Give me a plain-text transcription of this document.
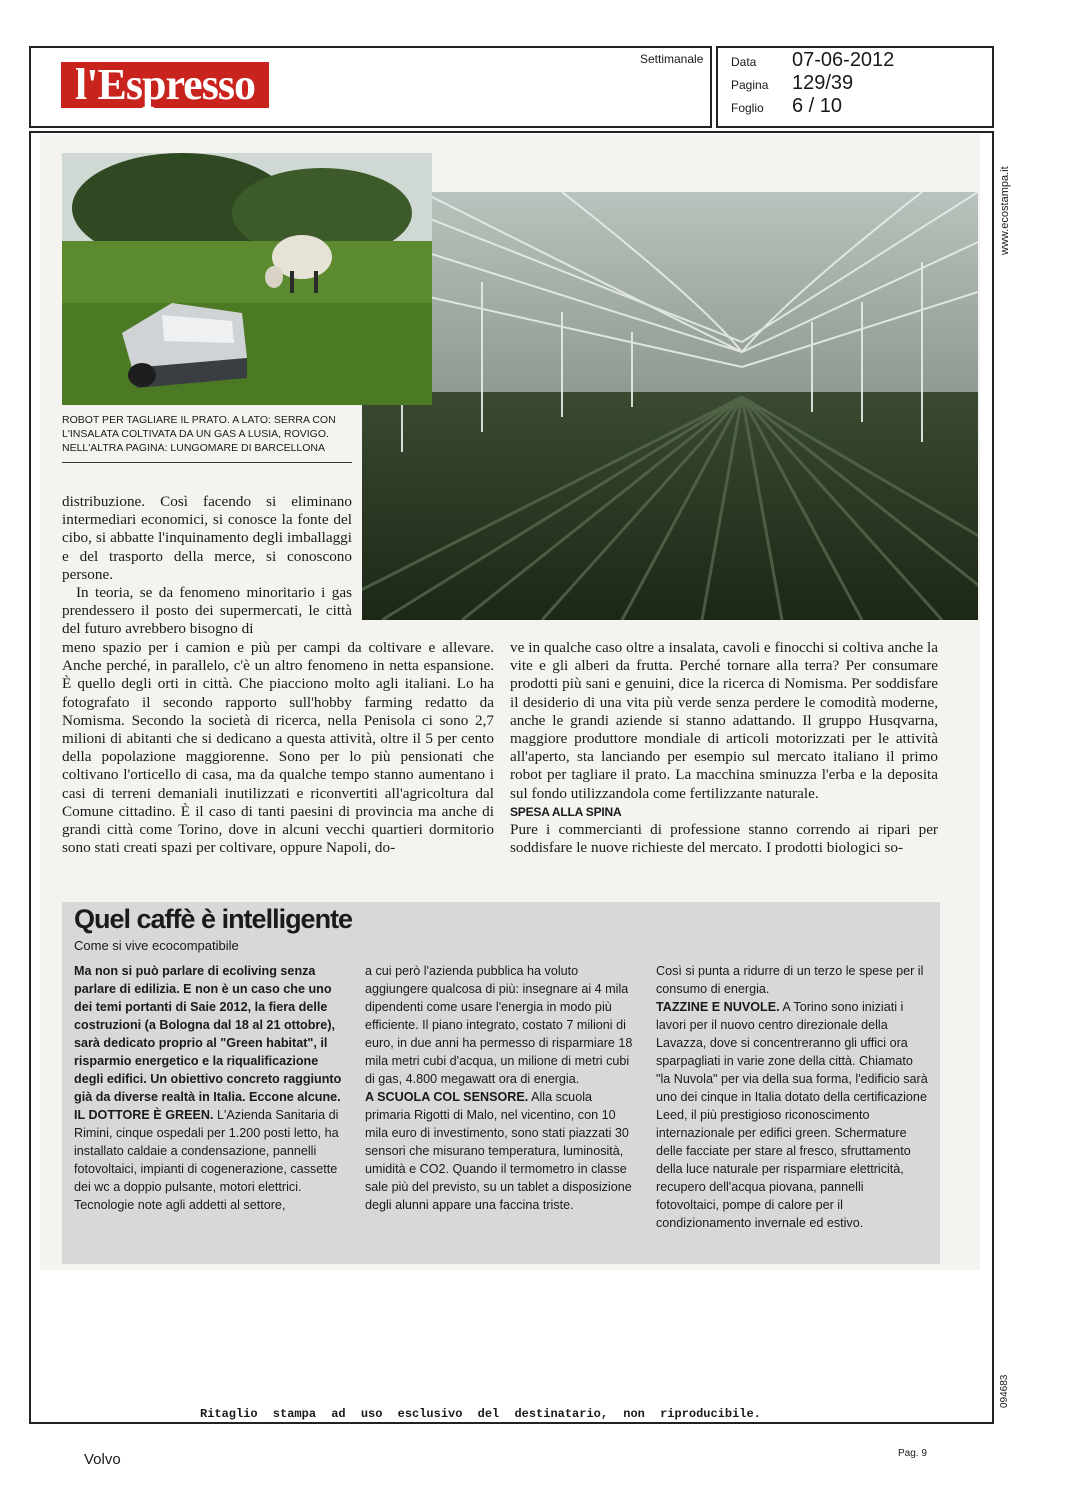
l'Espresso
Settimanale Data 07-06-2012
Pagina 129/39
Foglio 6 / 10
www.ecostampa.it
094683
ROBOT PER TAGLIARE IL PRATO. A LATO: SERRA CON
L'INSALATA COLTIVATA DA UN GAS A LUSIA, ROVIGO.
NELL'ALTRA PAGINA: LUNGOMARE DI BARCELLONA

distribuzione. Così facendo si eliminano intermediari economici, si conosce la fonte del cibo, si abbatte l'inquinamento degli imballaggi e del trasporto della merce, si conoscono persone.

In teoria, se da fenomeno minoritario i gas prendessero il posto dei supermercati, le città del futuro avrebbero bisogno di

meno spazio per i camion e più per campi da coltivare e allevare. Anche perché, in parallelo, c'è un altro fenomeno in netta espansione. È quello degli orti in città. Che piacciono molto agli italiani. Lo ha fotografato il secondo rapporto sull'hobby farming redatto da Nomisma. Secondo la società di ricerca, nella Penisola ci sono 2,7 milioni di abitanti che si dedicano a questa attività, oltre il 5 per cento della popolazione maggiorenne. Sono per lo più pensionati che coltivano l'orticello di casa, ma da qualche tempo stanno aumentano i casi di terreni demaniali inutilizzati e riconvertiti all'agricoltura dal Comune cittadino. È il caso di tanti paesini di provincia ma anche di grandi città come Torino, dove in alcuni vecchi quartieri dormitorio sono stati creati spazi per coltivare, oppure Napoli, do-

ve in qualche caso oltre a insalata, cavoli e finocchi si coltiva anche la vite e gli alberi da frutta. Perché tornare alla terra? Per consumare prodotti più sani e genuini, dice la ricerca di Nomisma. Per soddisfare il desiderio di una vita più verde senza perdere le comodità moderne, anche le grandi aziende si stanno adattando. Il gruppo Husqvarna, maggiore produttore mondiale di articoli motorizzati per le attività all'aperto, sta lanciando per esempio sul mercato italiano il primo robot per tagliare il prato. La macchina sminuzza l'erba e la deposita sul fondo utilizzandola come fertilizzante naturale.

SPESA ALLA SPINA

Pure i commercianti di professione stanno correndo ai ripari per soddisfare le nuove richieste del mercato. I prodotti biologici so-

Quel caffè è intelligente
Come si vive ecocompatibile

Ma non si può parlare di ecoliving senza parlare di edilizia. E non è un caso che uno dei temi portanti di Saie 2012, la fiera delle costruzioni (a Bologna dal 18 al 21 ottobre), sarà dedicato proprio al "Green habitat", il risparmio energetico e la riqualificazione degli edifici. Un obiettivo concreto raggiunto già da diverse realtà in Italia. Eccone alcune.

IL DOTTORE È GREEN. L'Azienda Sanitaria di Rimini, cinque ospedali per 1.200 posti letto, ha installato caldaie a condensazione, pannelli fotovoltaici, impianti di cogenerazione, cassette dei wc a doppio pulsante, motori elettrici. Tecnologie note agli addetti al settore,

a cui però l'azienda pubblica ha voluto aggiungere qualcosa di più: insegnare ai 4 mila dipendenti come usare l'energia in modo più efficiente. Il piano integrato, costato 7 milioni di euro, in due anni ha permesso di risparmiare 18 mila metri cubi d'acqua, un milione di metri cubi di gas, 4.800 megawatt ora di energia.

A SCUOLA COL SENSORE. Alla scuola primaria Rigotti di Malo, nel vicentino, con 10 mila euro di investimento, sono stati piazzati 30 sensori che misurano temperatura, luminosità, umidità e CO2. Quando il termometro in classe sale più del previsto, su un tablet a disposizione degli alunni appare una faccina triste.

Così si punta a ridurre di un terzo le spese per il consumo di energia.

TAZZINE E NUVOLE. A Torino sono iniziati i lavori per il nuovo centro direzionale della Lavazza, dove si concentreranno gli uffici ora sparpagliati in varie zone della città. Chiamato "la Nuvola" per via della sua forma, l'edificio sarà uno dei cinque in Italia dotato della certificazione Leed, il più prestigioso riconoscimento internazionale per edifici green. Schermature delle facciate per stare al fresco, sfruttamento della luce naturale per risparmiare elettricità, recupero dell'acqua piovana, pannelli fotovoltaici, pompe di calore per il condizionamento invernale ed estivo.

Ritaglio stampa ad uso esclusivo del destinatario, non riproducibile.
Volvo	Pag. 9
